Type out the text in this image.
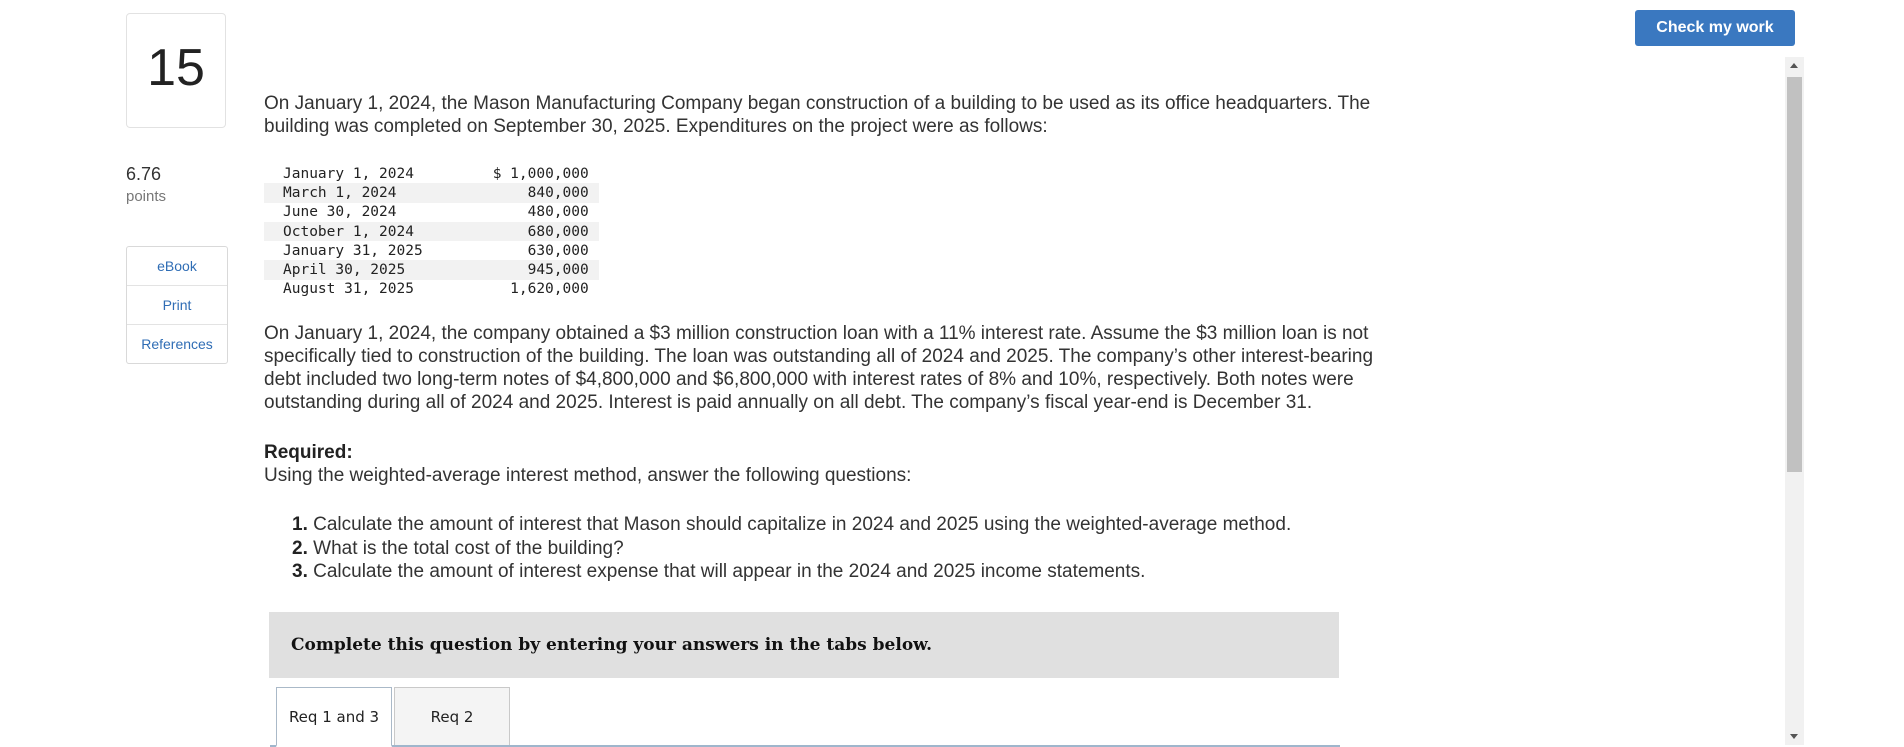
15
6.76
points
eBook
Print
References
Check my work

On January 1, 2024, the Mason Manufacturing Company began construction of a building to be used as its office headquarters. The

building was completed on September 30, 2025. Expenditures on the project were as follows:

January 1, 2024	$ 1,000,000
March 1, 2024	840,000
June 30, 2024	480,000
October 1, 2024	680,000
January 31, 2025	630,000
April 30, 2025	945,000
August 31, 2025	1,620,000

On January 1, 2024, the company obtained a $3 million construction loan with a 11% interest rate. Assume the $3 million loan is not

specifically tied to construction of the building. The loan was outstanding all of 2024 and 2025. The company’s other interest-bearing

debt included two long-term notes of $4,800,000 and $6,800,000 with interest rates of 8% and 10%, respectively. Both notes were

outstanding during all of 2024 and 2025. Interest is paid annually on all debt. The company’s fiscal year-end is December 31.

Required:

Using the weighted-average interest method, answer the following questions:

1. Calculate the amount of interest that Mason should capitalize in 2024 and 2025 using the weighted-average method.
2. What is the total cost of the building?
3. Calculate the amount of interest expense that will appear in the 2024 and 2025 income statements.
Complete this question by entering your answers in the tabs below.
Req 1 and 3	Req 2
